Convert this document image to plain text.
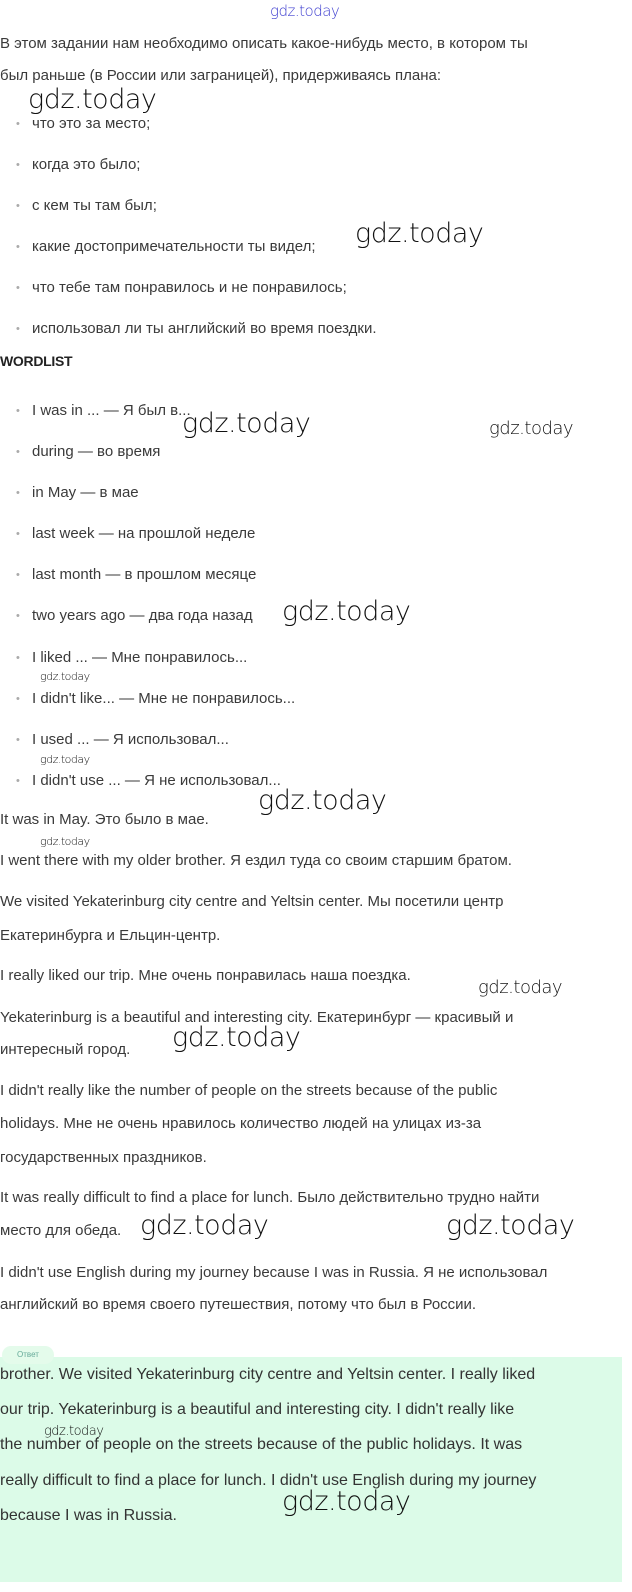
Ответ
В этом задании нам необходимо описать какое-нибудь место, в котором ты
был раньше (в России или заграницей), придерживаясь плана:
• что это за место;
• когда это было;
• с кем ты там был;
• какие достопримечательности ты видел;
• что тебе там понравилось и не понравилось;
• использовал ли ты английский во время поездки.
WORDLIST
• I was in ... — Я был в...
• during — во время
• in May — в мае
• last week — на прошлой неделе
• last month — в прошлом месяце
• two years ago — два года назад
• I liked ... — Мне понравилось...
• I didn't like... — Мне не понравилось...
• I used ... — Я использовал...
• I didn't use ... — Я не использовал...
It was in May. Это было в мае.
I went there with my older brother. Я ездил туда со своим старшим братом.
We visited Yekaterinburg city centre and Yeltsin center. Мы посетили центр
Екатеринбурга и Ельцин-центр.
I really liked our trip. Мне очень понравилась наша поездка.
Yekaterinburg is a beautiful and interesting city. Екатеринбург — красивый и
интересный город.
I didn't really like the number of people on the streets because of the public
holidays. Мне не очень нравилось количество людей на улицах из-за
государственных праздников.
It was really difficult to find a place for lunch. Было действительно трудно найти
место для обеда.
I didn't use English during my journey because I was in Russia. Я не использовал
английский во время своего путешествия, потому что был в России.
brother. We visited Yekaterinburg city centre and Yeltsin center. I really liked
our trip. Yekaterinburg is a beautiful and interesting city. I didn't really like
the number of people on the streets because of the public holidays. It was
really difficult to find a place for lunch. I didn't use English during my journey
because I was in Russia.
gdz.today
gdz.today
gdz.today
gdz.today	gdz.today
gdz.today
gdz.today
gdz.today
gdz.today
gdz.today
gdz.today
gdz.today
gdz.today	gdz.today
gdz.today
gdz.today
